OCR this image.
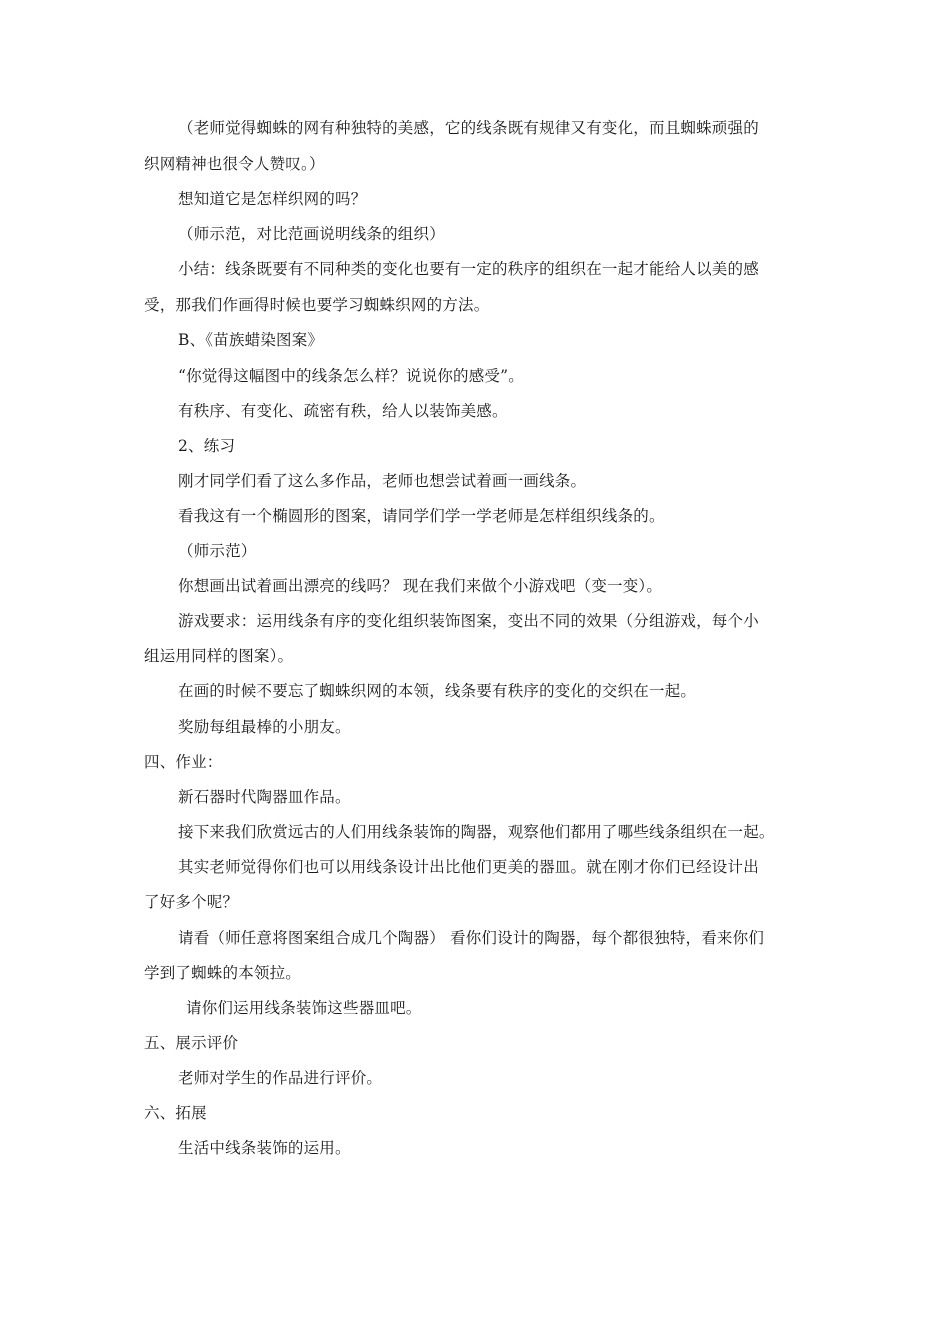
（老师觉得蜘蛛的网有种独特的美感，它的线条既有规律又有变化，而且蜘蛛顽强的
织网精神也很令人赞叹。）
想知道它是怎样织网的吗？
（师示范，对比范画说明线条的组织）
小结：线条既要有不同种类的变化也要有一定的秩序的组织在一起才能给人以美的感
受，那我们作画得时候也要学习蜘蛛织网的方法。
B、《苗族蜡染图案》
“你觉得这幅图中的线条怎么样？说说你的感受”。
有秩序、有变化、疏密有秩，给人以装饰美感。
2、练习
刚才同学们看了这么多作品，老师也想尝试着画一画线条。
看我这有一个椭圆形的图案，请同学们学一学老师是怎样组织线条的。
（师示范）
你想画出试着画出漂亮的线吗？ 现在我们来做个小游戏吧（变一变）。
游戏要求：运用线条有序的变化组织装饰图案，变出不同的效果（分组游戏，每个小
组运用同样的图案）。
在画的时候不要忘了蜘蛛织网的本领，线条要有秩序的变化的交织在一起。
奖励每组最棒的小朋友。
四、作业：
新石器时代陶器皿作品。
接下来我们欣赏远古的人们用线条装饰的陶器，观察他们都用了哪些线条组织在一起。
其实老师觉得你们也可以用线条设计出比他们更美的器皿。就在刚才你们已经设计出
了好多个呢？
请看（师任意将图案组合成几个陶器） 看你们设计的陶器，每个都很独特，看来你们
学到了蜘蛛的本领拉。
请你们运用线条装饰这些器皿吧。
五、展示评价
老师对学生的作品进行评价。
六、拓展
生活中线条装饰的运用。
